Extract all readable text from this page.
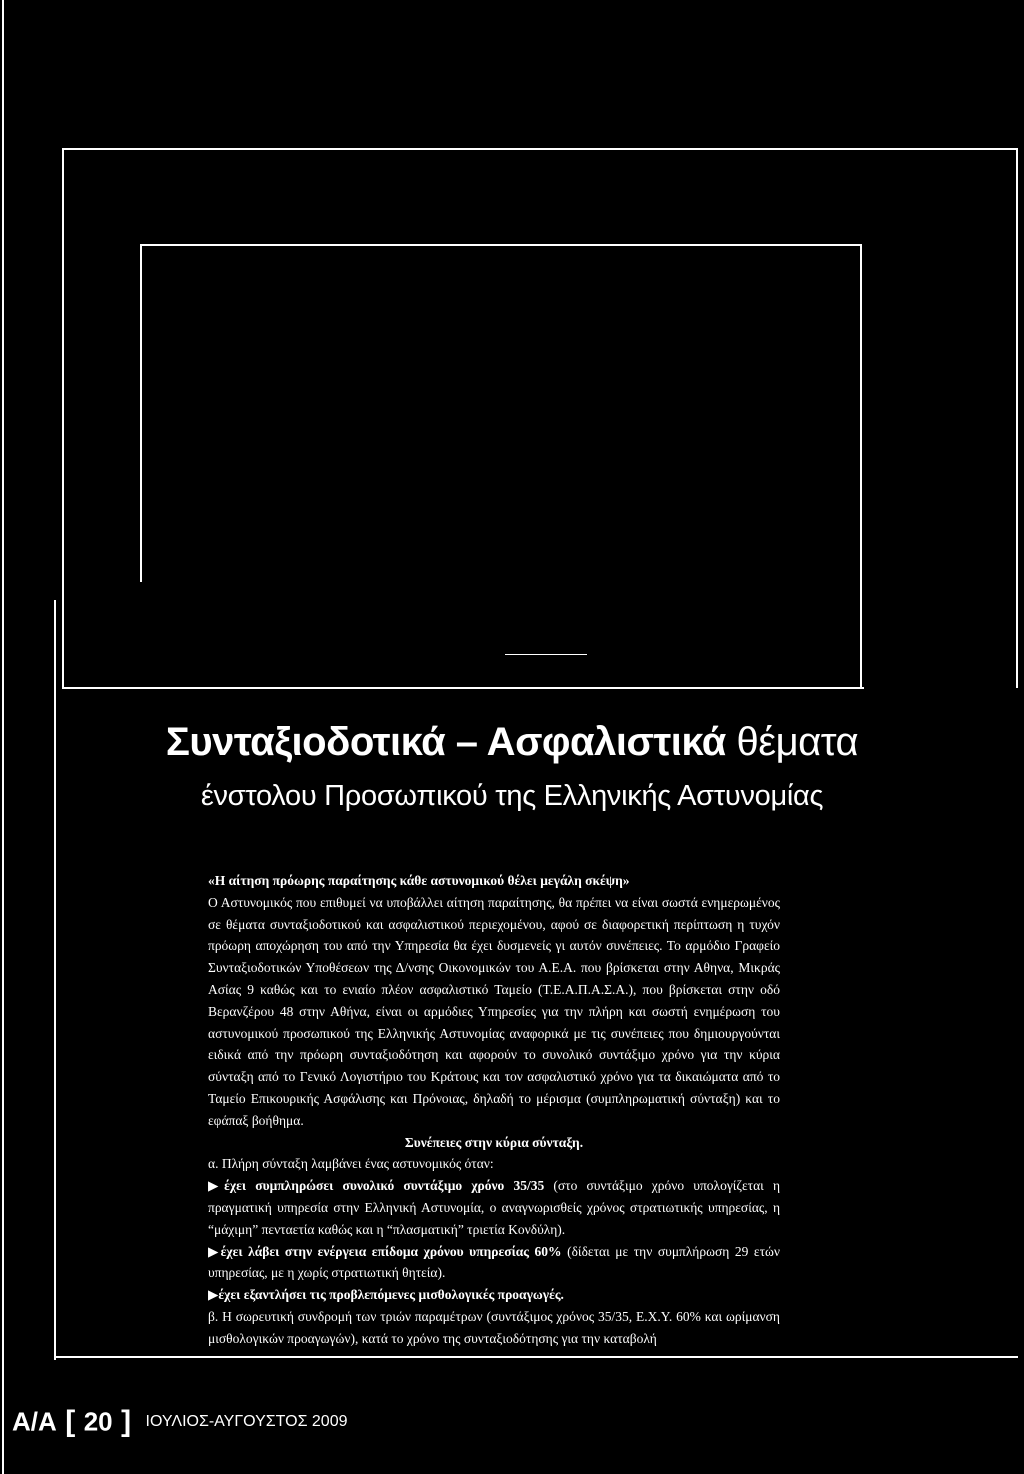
Συνταξιοδοτικά – Ασφαλιστικά θέματα
ένστολου Προσωπικού της Ελληνικής Αστυνομίας

«Η αίτηση πρόωρης παραίτησης κάθε αστυνομικού θέλει μεγάλη σκέψη»

Ο Αστυνομικός που επιθυμεί να υποβάλλει αίτηση παραίτησης, θα πρέπει να είναι σωστά ενημερωμένος σε θέματα συνταξιοδοτικού και ασφαλιστικού περιεχομένου, αφού σε διαφορετική περίπτωση η τυχόν πρόωρη αποχώρηση του από την Υπηρεσία θα έχει δυσμενείς γι αυτόν συνέπειες. Το αρμόδιο Γραφείο Συνταξιοδοτικών Υποθέσεων της Δ/νσης Οικονομικών του Α.Ε.Α. που βρίσκεται στην Αθηνα, Μικράς Ασίας 9 καθώς και το ενιαίο πλέον ασφαλιστικό Ταμείο (Τ.Ε.Α.Π.Α.Σ.Α.), που βρίσκεται στην οδό Βερανζέρου 48 στην Αθήνα, είναι οι αρμόδιες Υπηρεσίες για την πλήρη και σωστή ενημέρωση του αστυνομικού προσωπικού της Ελληνικής Αστυνομίας αναφορικά με τις συνέπειες που δημιουργούνται ειδικά από την πρόωρη συνταξιοδότηση και αφορούν το συνολικό συντάξιμο χρόνο για την κύρια σύνταξη από το Γενικό Λογιστήριο του Κράτους και τον ασφαλιστικό χρόνο για τα δικαιώματα από το Ταμείο Επικουρικής Ασφάλισης και Πρόνοιας, δηλαδή το μέρισμα (συμπληρωματική σύνταξη) και το εφάπαξ βοήθημα.

Συνέπειες στην κύρια σύνταξη.

α. Πλήρη σύνταξη λαμβάνει ένας αστυνομικός όταν:

▶έχει συμπληρώσει συνολικό συντάξιμο χρόνο 35/35 (στο συντάξιμο χρόνο υπολογίζεται η πραγματική υπηρεσία στην Ελληνική Αστυνομία, ο αναγνωρισθείς χρόνος στρατιωτικής υπηρεσίας, η “μάχιμη” πενταετία καθώς και η “πλασματική” τριετία Κονδύλη).

▶έχει λάβει στην ενέργεια επίδομα χρόνου υπηρεσίας 60% (δίδεται με την συμπλήρωση 29 ετών υπηρεσίας, με η χωρίς στρατιωτική θητεία).

▶έχει εξαντλήσει τις προβλεπόμενες μισθολογικές προαγωγές.

β. Η σωρευτική συνδρομή των τριών παραμέτρων (συντάξιμος χρόνος 35/35, Ε.Χ.Υ. 60% και ωρίμανση μισθολογικών προαγωγών), κατά το χρόνο της συνταξιοδότησης για την καταβολή

Α/Α [ 20 ] ΙΟΥΛΙΟΣ-ΑΥΓΟΥΣΤΟΣ 2009
